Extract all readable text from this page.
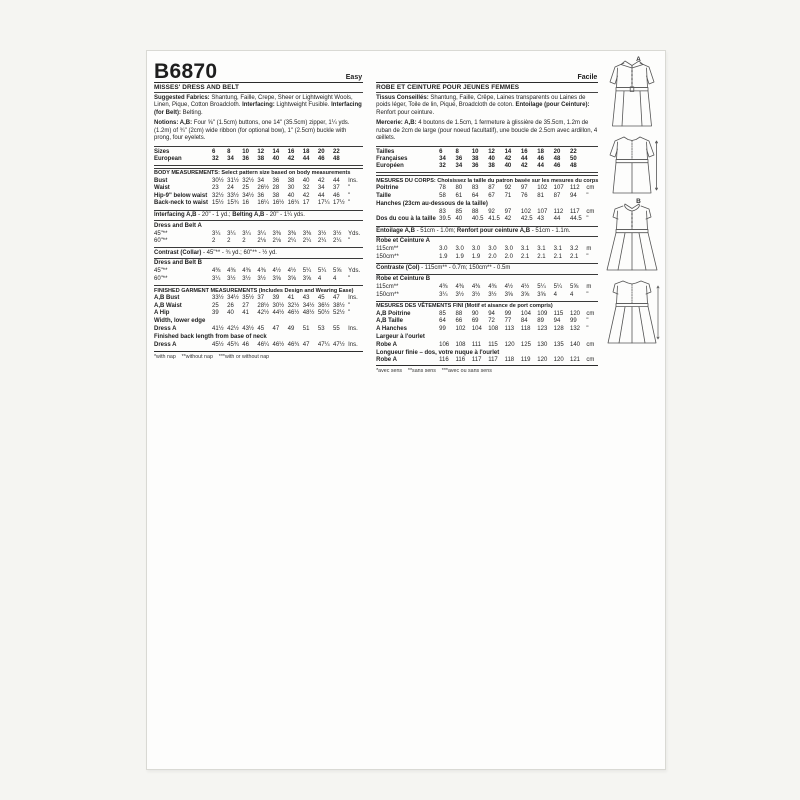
B6870	Easy
MISSES' DRESS AND BELT
Suggested Fabrics: Shantung, Faille, Crepe, Sheer or Lightweight Wools, Linen, Pique, Cotton Broadcloth. Interfacing: Lightweight Fusible. Interfacing (for Belt): Belting.
Notions: A,B: Four ⅝" (1.5cm) buttons, one 14" (35.5cm) zipper, 1¼ yds. (1.2m) of ¾" (2cm) wide ribbon (for optional bow), 1" (2.5cm) buckle with prong, four eyelets.
Sizes	6	8	10	12	14	16	18	20	22
European	32	34	36	38	40	42	44	46	48
BODY MEASUREMENTS: Select pattern size based on body measurements
Bust	30½ 31½ 32½ 34	36	38	40	42	44	Ins.
Waist	23	24	25	26½ 28	30	32	34	37	"
Hip-9" below waist 32½ 33½ 34½ 36	38	40	42	44	46	"
Back-neck to waist 15½ 15¾ 16	16¼ 16½ 16¾ 17	17¼ 17½ "
Interfacing A,B - 20" - 1 yd.; Belting A,B - 20" - 1¼ yds.
Dress and Belt A
45"**	3¼	3¼	3¼	3¼	3⅜	3⅜	3⅜	3½	3½	Yds.
60"**	2	2	2	2⅛	2⅛	2¼	2¼	2¼	2¼	"
Contrast (Collar) - 45"** - ¾ yd.; 60"** - ½ yd.
Dress and Belt B
45"**	4⅜	4⅜	4⅜	4⅜	4½	4½	5¼	5¼	5⅝	Yds.
60"**	3¼	3½	3½	3½	3⅝	3⅝	3⅝	4	4	"
FINISHED GARMENT MEASUREMENTS (Includes Design and Wearing Ease)
A,B Bust	33½ 34½ 35½ 37	39	41	43	45	47	Ins.
A,B Waist	25	26	27	28½ 30½ 32½ 34½ 36½ 38½ "
A Hip	39	40	41	42½ 44½ 46½ 48½ 50½ 52½ "
Width, lower edge
Dress A	41½ 42½ 43½ 45	47	49	51	53	55	Ins.
Finished back length from base of neck
Dress A	45½ 45¾ 46	46¼ 46½ 46¾ 47	47¼ 47½ Ins.
*with nap    **without nap    ***with or without nap
Facile
ROBE ET CEINTURE POUR JEUNES FEMMES
Tissus Conseillés: Shantung, Faille, Crêpe, Laines transparents ou Laines de poids léger, Toile de lin, Piqué, Broadcloth de coton. Entoilage (pour Ceinture): Renfort pour ceinture.
Mercerie: A,B: 4 boutons de 1.5cm, 1 fermeture à glissière de 35.5cm, 1.2m de ruban de 2cm de large (pour noeud facultatif), une boucle de 2.5cm avec ardillon, 4 œillets.
Tailles	6	8	10	12	14	16	18	20	22
Françaises	34	36	38	40	42	44	46	48	50
Européen	32	34	36	38	40	42	44	46	48
MESURES DU CORPS: Choisissez la taille du patron basée sur les mesures du corps
Poitrine	78	80	83	87	92	97	102	107	112	cm
Taille	58	61	64	67	71	76	81	87	94	"
Hanches (23cm au-dessous de la taille)
83	85	88	92	97	102	107	112	117	cm
Dos du cou à la taille 39.5 40	40.5 41.5 42	42.5 43	44	44.5 "
Entoilage A,B - 51cm - 1.0m; Renfort pour ceinture A,B - 51cm - 1.1m.
Robe et Ceinture A
115cm**	3.0	3.0	3.0	3.0	3.0	3.1	3.1	3.1	3.2	m
150cm**	1.9	1.9	1.9	2.0	2.0	2.1	2.1	2.1	2.1	"
Contraste (Col) - 115cm** - 0.7m; 150cm** - 0.5m
Robe et Ceinture B
115cm**	4⅜	4⅜	4⅜	4⅜	4½	4½	5¼	5¼	5⅝	m
150cm**	3¼	3½	3½	3½	3⅝	3⅝	3⅝	4	4	"
MESURES DES VÊTEMENTS FINI (Motif et aisance de port compris)
A,B Poitrine	85	88	90	94	99	104	109	115	120	cm
A,B Taille	64	66	69	72	77	84	89	94	99	"
A Hanches	99	102	104	108	113	118	123	128	132	"
Largeur à l'ourlet
Robe A	106	108	111	115	120	125	130	135	140	cm
Longueur finie – dos, votre nuque à l'ourlet
Robe A	116	116	117	117	118	119	120	120	121	cm
*avec sens    **sans sens    ***avec ou sans sens
A
B
